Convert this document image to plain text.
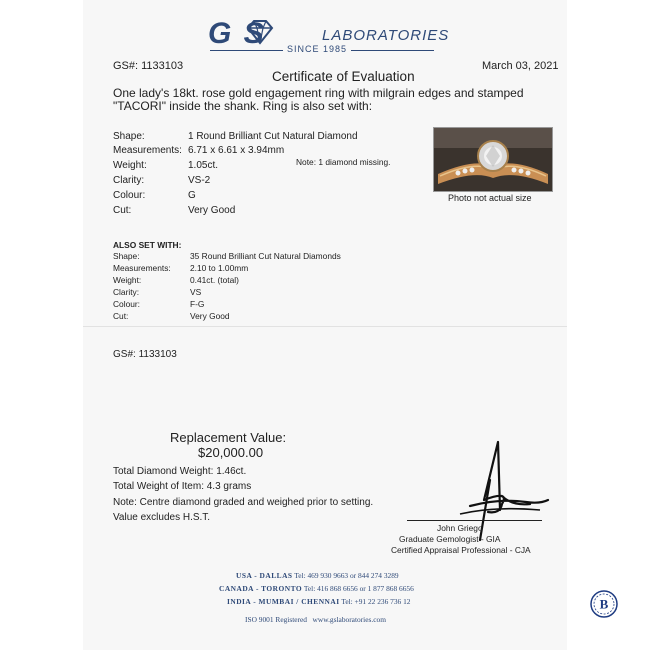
G S	LABORATORIES
SINCE 1985
GS#: 1133103	March 03, 2021
Certificate of Evaluation
One lady's 18kt. rose gold engagement ring with milgrain edges and stamped "TACORI" inside the shank. Ring is also set with:
Shape:	1 Round Brilliant Cut Natural Diamond
Measurements: 6.71 x 6.61 x 3.94mm
Weight:	1.05ct.
Clarity:	VS-2
Colour:	G
Cut:	Very Good
Note: 1 diamond missing.
Photo not actual size
ALSO SET WITH:
Shape:	35 Round Brilliant Cut Natural Diamonds
Measurements: 2.10 to 1.00mm
Weight:	0.41ct. (total)
Clarity:	VS
Colour:	F-G
Cut:	Very Good
GS#: 1133103
Replacement Value:
$20,000.00
Total Diamond Weight: 1.46ct.
Total Weight of Item: 4.3 grams
Note: Centre diamond graded and weighed prior to setting.
Value excludes H.S.T.
John Griego
Graduate Gemologist - GIA
Certified Appraisal Professional - CJA
USA - DALLAS Tel: 469 930 9663 or 844 274 3289
CANADA - TORONTO Tel: 416 868 6656 or 1 877 868 6656
INDIA - MUMBAI / CHENNAI Tel: +91 22 236 736 12
ISO 9001 Registered www.gslaboratories.com
B
